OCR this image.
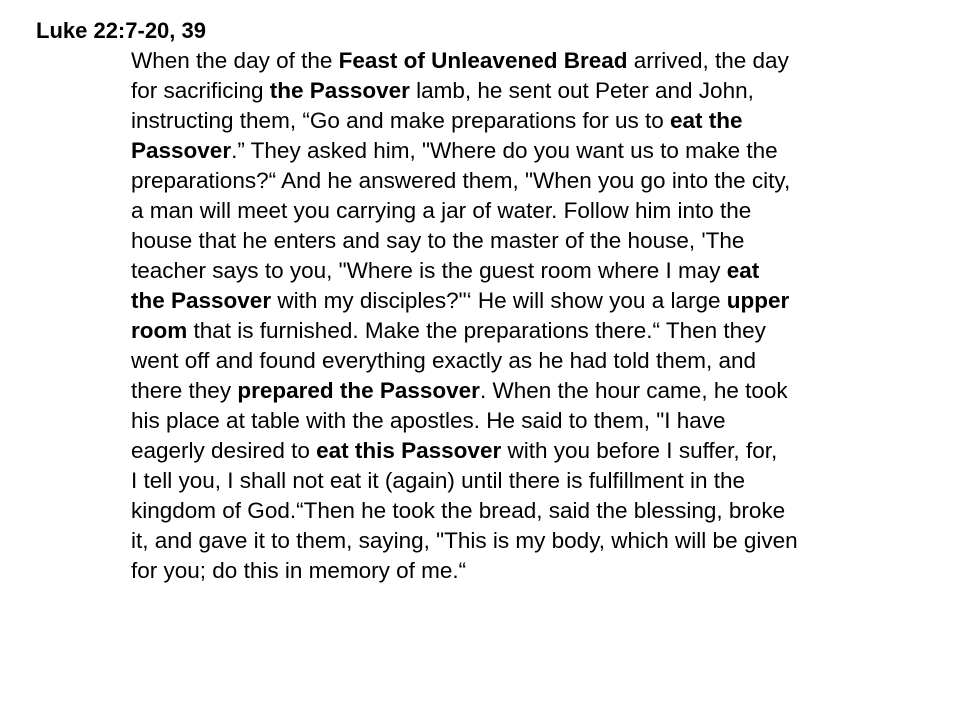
Luke 22:7-20, 39

When the day of the Feast of Unleavened Bread arrived, the day
for sacrificing the Passover lamb, he sent out Peter and John,
instructing them, “Go and make preparations for us to eat the
Passover.” They asked him, "Where do you want us to make the
preparations?“ And he answered them, "When you go into the city,
a man will meet you carrying a jar of water. Follow him into the
house that he enters and say to the master of the house, 'The
teacher says to you, "Where is the guest room where I may eat
the Passover with my disciples?"‘ He will show you a large upper
room that is furnished. Make the preparations there.“ Then they
went off and found everything exactly as he had told them, and
there they prepared the Passover. When the hour came, he took
his place at table with the apostles. He said to them, "I have
eagerly desired to eat this Passover with you before I suffer, for,
I tell you, I shall not eat it (again) until there is fulfillment in the
kingdom of God.“Then he took the bread, said the blessing, broke
it, and gave it to them, saying, "This is my body, which will be given
for you; do this in memory of me.“
